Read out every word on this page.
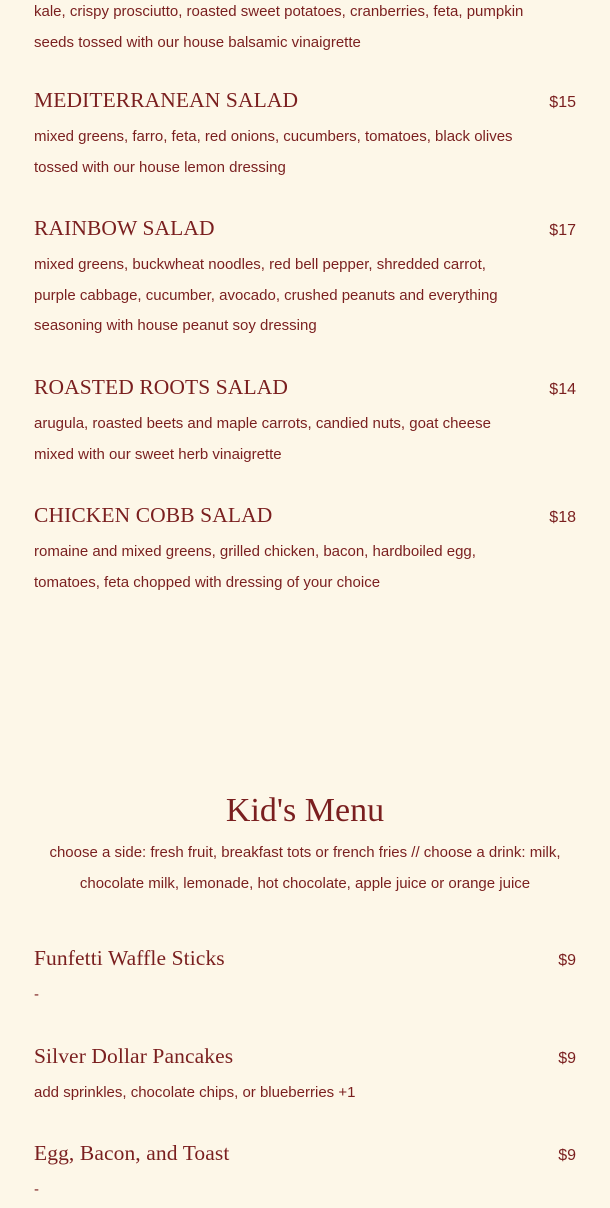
kale, crispy prosciutto, roasted sweet potatoes, cranberries, feta, pumpkin seeds tossed with our house balsamic vinaigrette
MEDITERRANEAN SALAD	$15
mixed greens, farro, feta, red onions, cucumbers, tomatoes, black olives tossed with our house lemon dressing
RAINBOW SALAD	$17
mixed greens, buckwheat noodles, red bell pepper, shredded carrot, purple cabbage, cucumber, avocado, crushed peanuts and everything seasoning with house peanut soy dressing
ROASTED ROOTS SALAD	$14
arugula, roasted beets and maple carrots, candied nuts, goat cheese mixed with our sweet herb vinaigrette
CHICKEN COBB SALAD	$18
romaine and mixed greens, grilled chicken, bacon, hardboiled egg, tomatoes, feta chopped with dressing of your choice
Kid's Menu
choose a side: fresh fruit, breakfast tots or french fries // choose a drink: milk, chocolate milk, lemonade, hot chocolate, apple juice or orange juice
Funfetti Waffle Sticks	$9
-
Silver Dollar Pancakes	$9
add sprinkles, chocolate chips, or blueberries +1
Egg, Bacon, and Toast	$9
-
